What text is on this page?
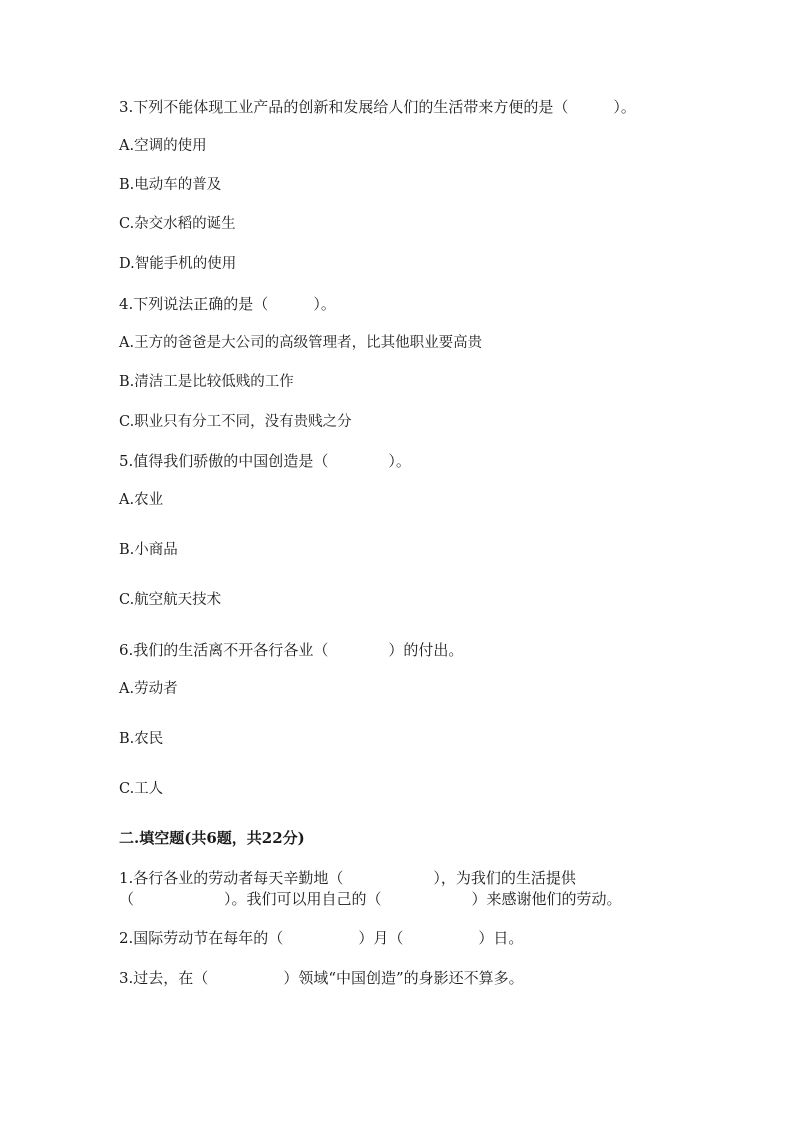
3.下列不能体现工业产品的创新和发展给人们的生活带来方便的是（　　　）。
A.空调的使用
B.电动车的普及
C.杂交水稻的诞生
D.智能手机的使用
4.下列说法正确的是（　　　）。
A.王方的爸爸是大公司的高级管理者，比其他职业要高贵
B.清洁工是比较低贱的工作
C.职业只有分工不同，没有贵贱之分
5.值得我们骄傲的中国创造是（　　　　）。
A.农业
B.小商品
C.航空航天技术
6.我们的生活离不开各行各业（　　　　）的付出。
A.劳动者
B.农民
C.工人
二.填空题(共6题，共22分)
1.各行各业的劳动者每天辛勤地（　　　　　　），为我们的生活提供
（　　　　　　）。我们可以用自己的（　　　　　　）来感谢他们的劳动。
2.国际劳动节在每年的（　　　　　）月（　　　　　）日。
3.过去，在（　　　　　）领域“中国创造”的身影还不算多。
